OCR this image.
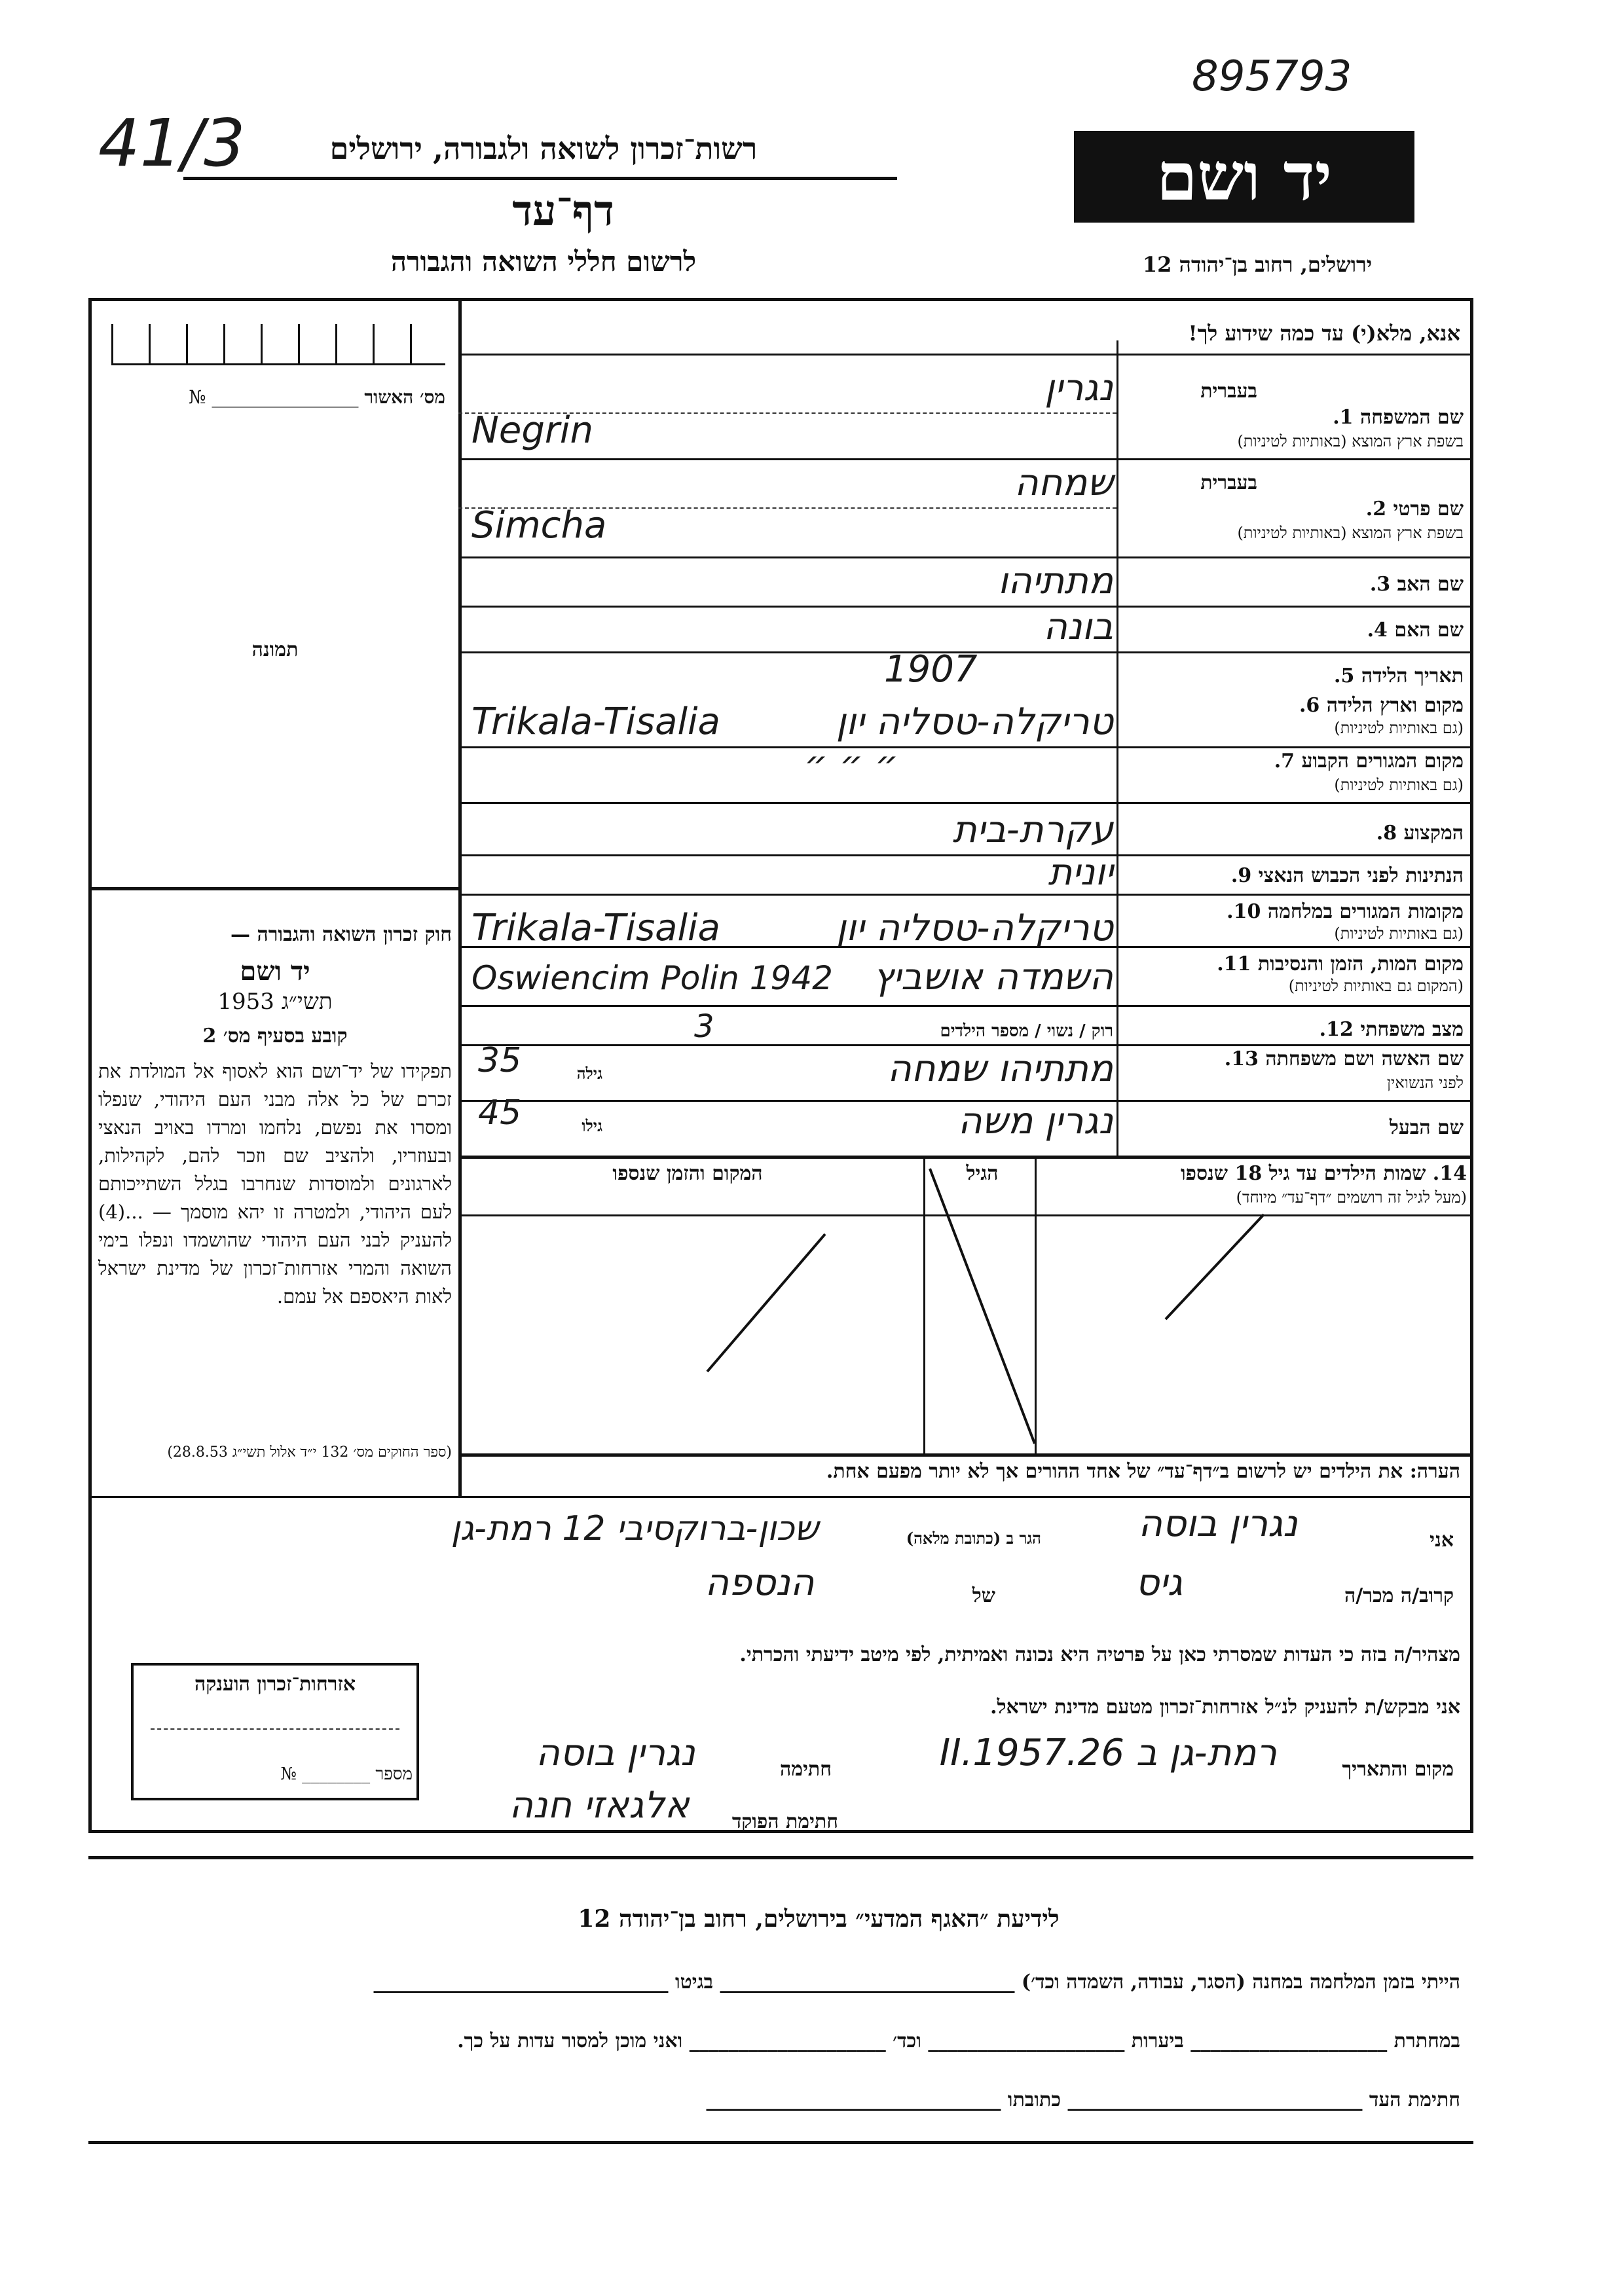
895793
41/3	רשות־זכרון לשואה ולגבורה, ירושלים
דף־עד
לרשום חללי השואה והגבורה
יד ושם
ירושלים, רחוב בן־יהודה 12
אנא, מלא(י) עד כמה שידוע לך!
מס׳ האשור ________________ №
תמונה
שם המשפחה 1.
בשפת ארץ המוצא (באותיות לטיניות)
בעברית
נגרין
Negrin
בעברית
שם פרטי 2.
בשפת ארץ המוצא (באותיות לטיניות)
שמחה
Simcha
שם האב 3.
מתתיהו
שם האם 4.
בונה
תאריך הלידה 5.
1907
מקום וארץ הלידה 6.
(גם באותיות לטיניות)
טריקלה-טסליה יון
Trikala-Tisalia
מקום המגורים הקבוע 7.
(גם באותיות לטיניות)
״ ״ ״
המקצוע 8.
עקרת-בית
הנתינות לפני הכבוש הנאצי 9.
יונית
מקומות המגורים במלחמה 10.
(גם באותיות לטיניות)
טריקלה-טסליה יון
Trikala-Tisalia
מקום המות, הזמן והנסיבות 11.
(המקום גם באותיות לטיניות)
השמדה אושביץ
Oswiencim Polin 1942
מצב משפחתי 12.
רוק / נשוי / מספר הילדים
3
שם האשה ושם משפחתה 13.
לפני הנשואין
מתתיהו שמחה
גילה
35
שם הבעל
נגרין משה
גילו
45
14. שמות הילדים עד גיל 18 שנספו
(מעל לגיל זה רושמים ״דף־עד״ מיוחד)
הגיל
המקום והזמן שנספו
הערה: את הילדים יש לרשום ב״דף־עד״ של אחד ההורים אך לא יותר מפעם אחת.
חוק זכרון השואה והגבורה —
יד ושם
1953 תשי״ג
קובע בסעיף מס׳ 2
תפקידו של יד־ושם הוא לאסוף אל המולדת את זכרם של כל אלה מבני העם היהודי, שנפלו ומסרו את נפשם, נלחמו ומרדו באויב הנאצי ובעוזריו, ולהציב שם וזכר להם, לקהילות, לארגונים ולמוסדות שנחרבו בגלל השתייכותם לעם היהודי, ולמטרה זו יהא מוסמך — ...(4) להעניק לבני העם היהודי שהושמדו ונפלו בימי השואה והמרי אזרחות־זכרון של מדינת ישראל לאות היאספם אל עמם.
(ספר החוקים מס׳ 132 י״ד אלול תשי״ג 28.8.53)
אני
נגרין בוסה
הגר ב (כתובת מלאה)
שכון-ברוקסיבי 12 רמת-גן
קרוב/ה מכר/ה
גיס
של
הנספה
מצהיר/ה בזה כי העדות שמסרתי כאן על פרטיה היא נכונה ואמיתית, לפי מיטב ידיעתי והכרתי.
אני מבקש/ת להעניק לנ״ל אזרחות־זכרון מטעם מדינת ישראל.
מקום והתאריך
רמת-גן ב 26.II.1957
חתימה
נגרין בוסה
חתימת הפוקד
אלגאזי חנה
אזרחות־זכרון הוענקה
מספר ________ №
לידיעת ״האגף המדעי״ בירושלים, רחוב בן־יהודה 12
הייתי בזמן המלחמה במחנה (הסגר, עבודה, השמדה וכד׳) ______________________________ בגיטו ______________________________
במחתרת ____________________ ביערות ____________________ וכד׳ ____________________ ואני מוכן למסור עדות על כך.
חתימת העד ______________________________ כתובתו ______________________________
